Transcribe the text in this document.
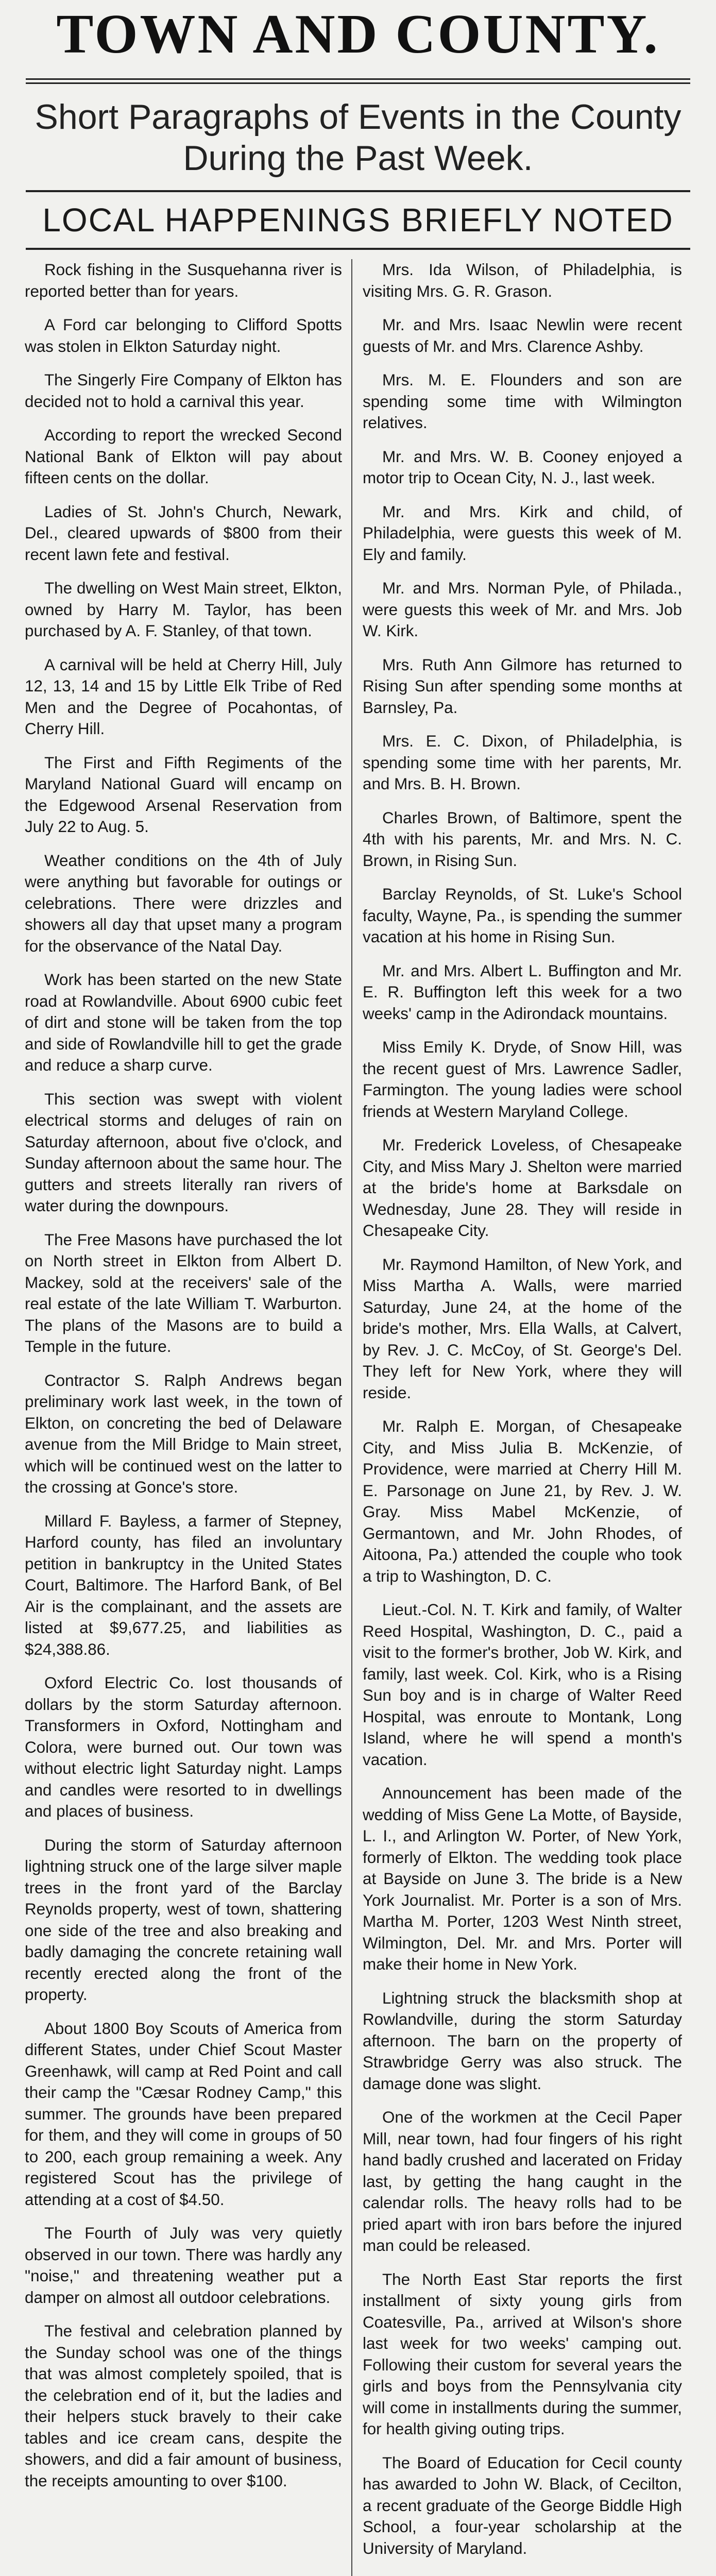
TOWN AND COUNTY.
Short Paragraphs of Events in the County During the Past Week.
LOCAL HAPPENINGS BRIEFLY NOTED

Rock fishing in the Susquehanna river is reported better than for years.

A Ford car belonging to Clifford Spotts was stolen in Elkton Saturday night.

The Singerly Fire Company of Elkton has decided not to hold a carnival this year.

According to report the wrecked Second National Bank of Elkton will pay about fifteen cents on the dollar.

Ladies of St. John's Church, Newark, Del., cleared upwards of $800 from their recent lawn fete and festival.

The dwelling on West Main street, Elkton, owned by Harry M. Taylor, has been purchased by A. F. Stanley, of that town.

A carnival will be held at Cherry Hill, July 12, 13, 14 and 15 by Little Elk Tribe of Red Men and the Degree of Pocahontas, of Cherry Hill.

The First and Fifth Regiments of the Maryland National Guard will encamp on the Edgewood Arsenal Reservation from July 22 to Aug. 5.

Weather conditions on the 4th of July were anything but favorable for outings or celebrations. There were drizzles and showers all day that upset many a program for the observance of the Natal Day.

Work has been started on the new State road at Rowlandville. About 6900 cubic feet of dirt and stone will be taken from the top and side of Rowlandville hill to get the grade and reduce a sharp curve.

This section was swept with violent electrical storms and deluges of rain on Saturday afternoon, about five o'clock, and Sunday afternoon about the same hour. The gutters and streets literally ran rivers of water during the downpours.

The Free Masons have purchased the lot on North street in Elkton from Albert D. Mackey, sold at the receivers' sale of the real estate of the late William T. Warburton. The plans of the Masons are to build a Temple in the future.

Contractor S. Ralph Andrews began preliminary work last week, in the town of Elkton, on concreting the bed of Delaware avenue from the Mill Bridge to Main street, which will be continued west on the latter to the crossing at Gonce's store.

Millard F. Bayless, a farmer of Stepney, Harford county, has filed an involuntary petition in bankruptcy in the United States Court, Baltimore. The Harford Bank, of Bel Air is the complainant, and the assets are listed at $9,677.25, and liabilities as $24,388.86.

Oxford Electric Co. lost thousands of dollars by the storm Saturday afternoon. Transformers in Oxford, Nottingham and Colora, were burned out. Our town was without electric light Saturday night. Lamps and candles were resorted to in dwellings and places of business.

During the storm of Saturday afternoon lightning struck one of the large silver maple trees in the front yard of the Barclay Reynolds property, west of town, shattering one side of the tree and also breaking and badly damaging the concrete retaining wall recently erected along the front of the property.

About 1800 Boy Scouts of America from different States, under Chief Scout Master Greenhawk, will camp at Red Point and call their camp the "Cæsar Rodney Camp," this summer. The grounds have been prepared for them, and they will come in groups of 50 to 200, each group remaining a week. Any registered Scout has the privilege of attending at a cost of $4.50.

The Fourth of July was very quietly observed in our town. There was hardly any "noise," and threatening weather put a damper on almost all outdoor celebrations.

The festival and celebration planned by the Sunday school was one of the things that was almost completely spoiled, that is the celebration end of it, but the ladies and their helpers stuck bravely to their cake tables and ice cream cans, despite the showers, and did a fair amount of business, the receipts amounting to over $100.

Mrs. Ida Wilson, of Philadelphia, is visiting Mrs. G. R. Grason.

Mr. and Mrs. Isaac Newlin were recent guests of Mr. and Mrs. Clarence Ashby.

Mrs. M. E. Flounders and son are spending some time with Wilmington relatives.

Mr. and Mrs. W. B. Cooney enjoyed a motor trip to Ocean City, N. J., last week.

Mr. and Mrs. Kirk and child, of Philadelphia, were guests this week of M. Ely and family.

Mr. and Mrs. Norman Pyle, of Philada., were guests this week of Mr. and Mrs. Job W. Kirk.

Mrs. Ruth Ann Gilmore has returned to Rising Sun after spending some months at Barnsley, Pa.

Mrs. E. C. Dixon, of Philadelphia, is spending some time with her parents, Mr. and Mrs. B. H. Brown.

Charles Brown, of Baltimore, spent the 4th with his parents, Mr. and Mrs. N. C. Brown, in Rising Sun.

Barclay Reynolds, of St. Luke's School faculty, Wayne, Pa., is spending the summer vacation at his home in Rising Sun.

Mr. and Mrs. Albert L. Buffington and Mr. E. R. Buffington left this week for a two weeks' camp in the Adirondack mountains.

Miss Emily K. Dryde, of Snow Hill, was the recent guest of Mrs. Lawrence Sadler, Farmington. The young ladies were school friends at Western Maryland College.

Mr. Frederick Loveless, of Chesapeake City, and Miss Mary J. Shelton were married at the bride's home at Barksdale on Wednesday, June 28. They will reside in Chesapeake City.

Mr. Raymond Hamilton, of New York, and Miss Martha A. Walls, were married Saturday, June 24, at the home of the bride's mother, Mrs. Ella Walls, at Calvert, by Rev. J. C. McCoy, of St. George's Del. They left for New York, where they will reside.

Mr. Ralph E. Morgan, of Chesapeake City, and Miss Julia B. McKenzie, of Providence, were married at Cherry Hill M. E. Parsonage on June 21, by Rev. J. W. Gray. Miss Mabel McKenzie, of Germantown, and Mr. John Rhodes, of Aitoona, Pa.) attended the couple who took a trip to Washington, D. C.

Lieut.-Col. N. T. Kirk and family, of Walter Reed Hospital, Washington, D. C., paid a visit to the former's brother, Job W. Kirk, and family, last week. Col. Kirk, who is a Rising Sun boy and is in charge of Walter Reed Hospital, was enroute to Montank, Long Island, where he will spend a month's vacation.

Announcement has been made of the wedding of Miss Gene La Motte, of Bayside, L. I., and Arlington W. Porter, of New York, formerly of Elkton. The wedding took place at Bayside on June 3. The bride is a New York Journalist. Mr. Porter is a son of Mrs. Martha M. Porter, 1203 West Ninth street, Wilmington, Del. Mr. and Mrs. Porter will make their home in New York.

Lightning struck the blacksmith shop at Rowlandville, during the storm Saturday afternoon. The barn on the property of Strawbridge Gerry was also struck. The damage done was slight.

One of the workmen at the Cecil Paper Mill, near town, had four fingers of his right hand badly crushed and lacerated on Friday last, by getting the hang caught in the calendar rolls. The heavy rolls had to be pried apart with iron bars before the injured man could be released.

The North East Star reports the first installment of sixty young girls from Coatesville, Pa., arrived at Wilson's shore last week for two weeks' camping out. Following their custom for several years the girls and boys from the Pennsylvania city will come in installments during the summer, for health giving outing trips.

The Board of Education for Cecil county has awarded to John W. Black, of Cecilton, a recent graduate of the George Biddle High School, a four-year scholarship at the University of Maryland.
